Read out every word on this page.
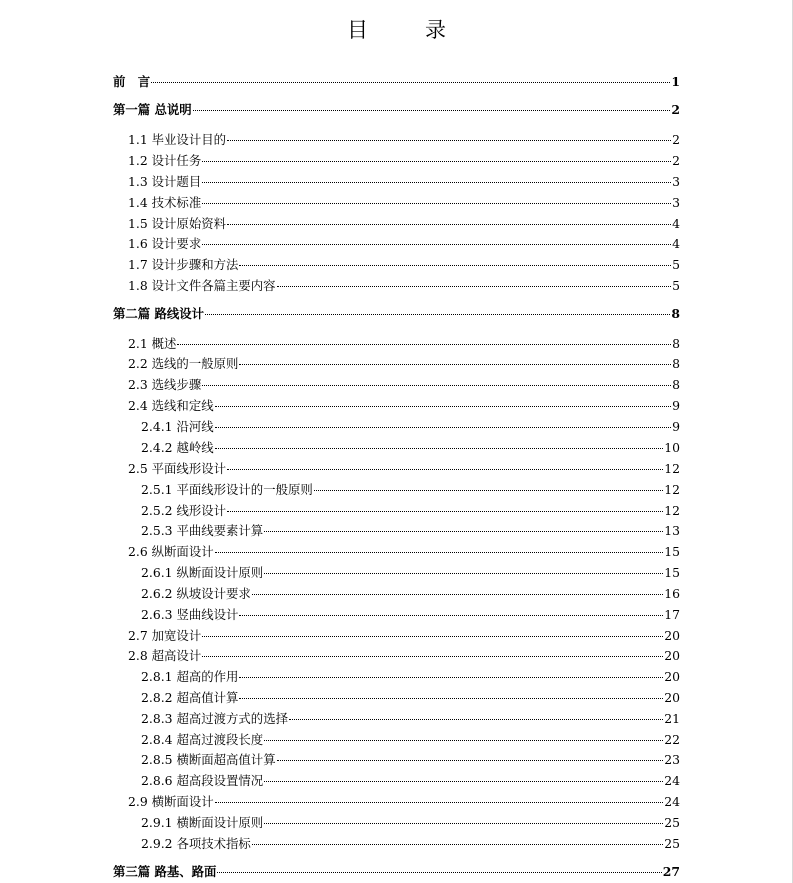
目　录
前　言	1
第一篇 总说明	2
1.1 毕业设计目的	2
1.2 设计任务	2
1.3 设计题目	3
1.4 技术标准	3
1.5 设计原始资料	4
1.6 设计要求	4
1.7 设计步骤和方法	5
1.8 设计文件各篇主要内容	5
第二篇 路线设计	8
2.1 概述	8
2.2 选线的一般原则	8
2.3 选线步骤	8
2.4 选线和定线	9
2.4.1 沿河线	9
2.4.2 越岭线	10
2.5 平面线形设计	12
2.5.1 平面线形设计的一般原则	12
2.5.2 线形设计	12
2.5.3 平曲线要素计算	13
2.6 纵断面设计	15
2.6.1 纵断面设计原则	15
2.6.2 纵坡设计要求	16
2.6.3 竖曲线设计	17
2.7 加宽设计	20
2.8 超高设计	20
2.8.1 超高的作用	20
2.8.2 超高值计算	20
2.8.3 超高过渡方式的选择	21
2.8.4 超高过渡段长度	22
2.8.5 横断面超高值计算	23
2.8.6 超高段设置情况	24
2.9 横断面设计	24
2.9.1 横断面设计原则	25
2.9.2 各项技术指标	25
第三篇 路基、路面	27
